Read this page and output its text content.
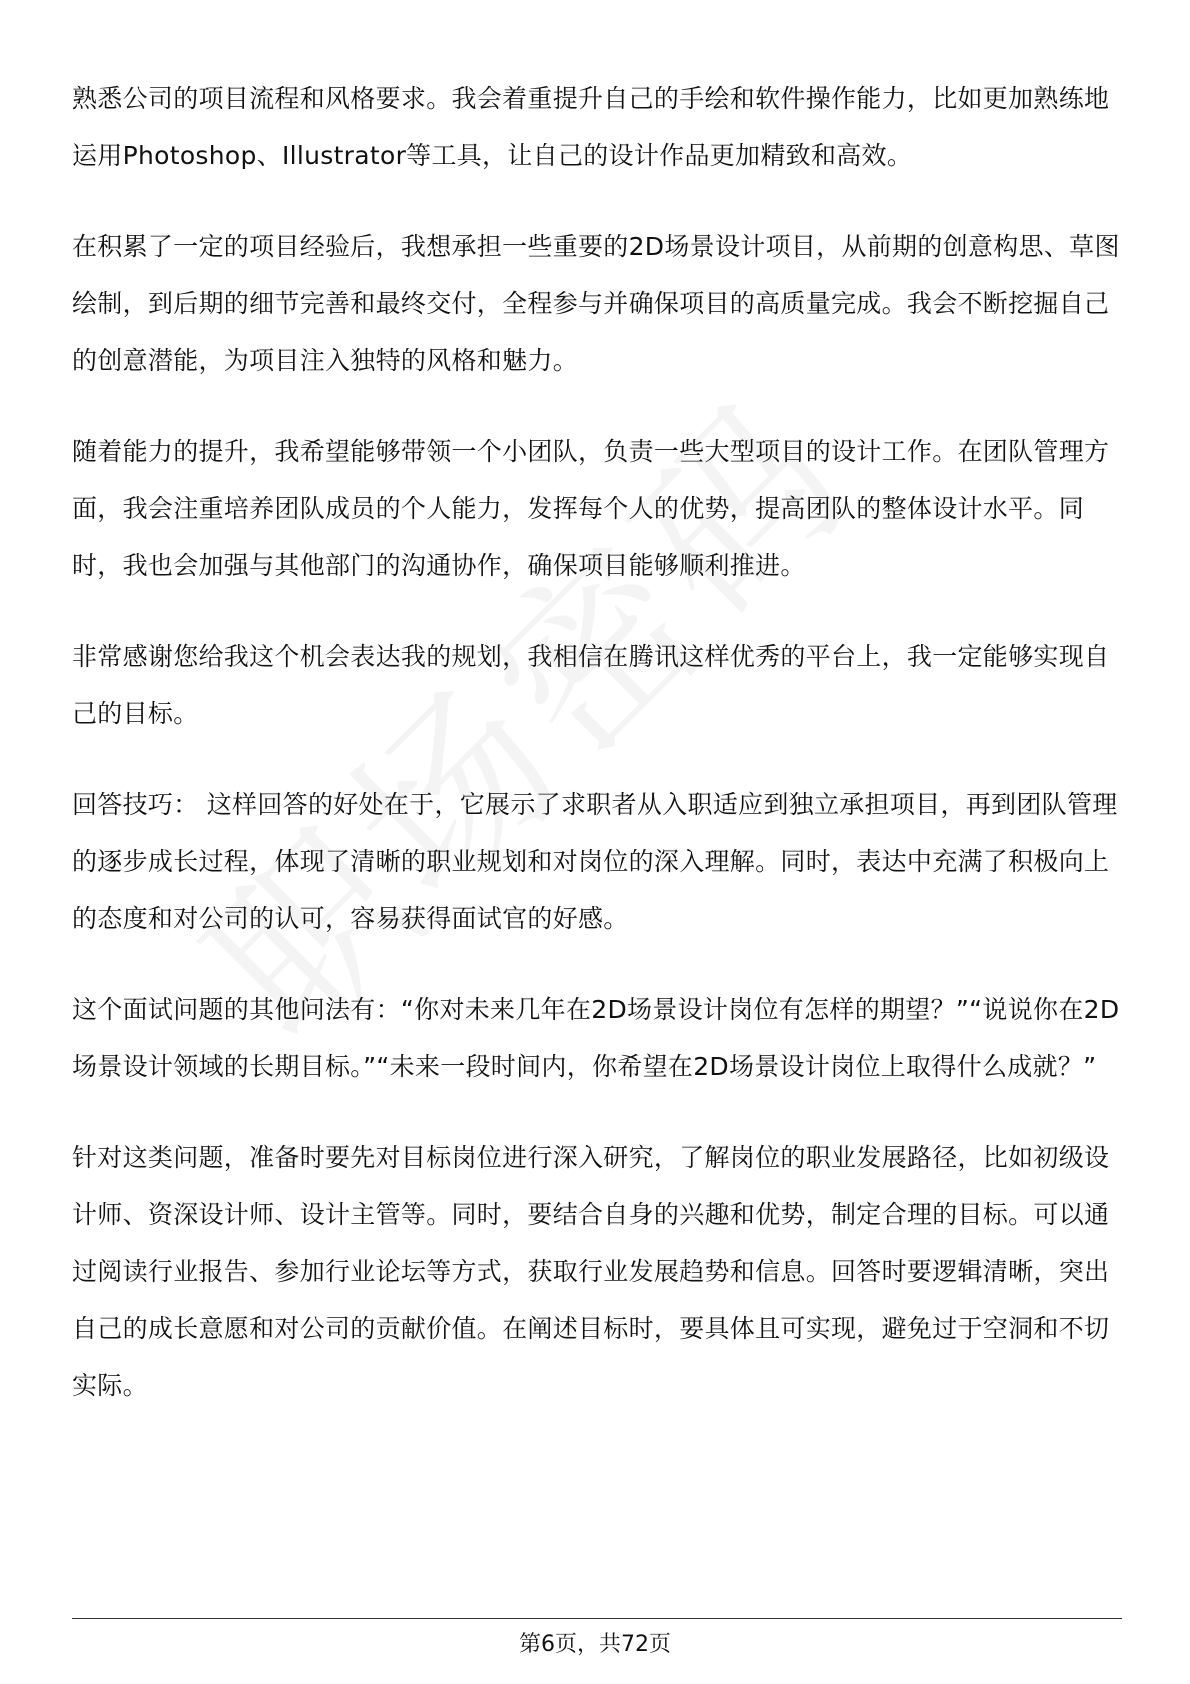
熟悉公司的项目流程和风格要求。我会着重提升自己的手绘和软件操作能力，比如更加熟练地运用Photoshop、Illustrator等工具，让自己的设计作品更加精致和高效。

在积累了一定的项目经验后，我想承担一些重要的2D场景设计项目，从前期的创意构思、草图绘制，到后期的细节完善和最终交付，全程参与并确保项目的高质量完成。我会不断挖掘自己的创意潜能，为项目注入独特的风格和魅力。

随着能力的提升，我希望能够带领一个小团队，负责一些大型项目的设计工作。在团队管理方面，我会注重培养团队成员的个人能力，发挥每个人的优势，提高团队的整体设计水平。同时，我也会加强与其他部门的沟通协作，确保项目能够顺利推进。

非常感谢您给我这个机会表达我的规划，我相信在腾讯这样优秀的平台上，我一定能够实现自己的目标。

回答技巧： 这样回答的好处在于，它展示了求职者从入职适应到独立承担项目，再到团队管理的逐步成长过程，体现了清晰的职业规划和对岗位的深入理解。同时，表达中充满了积极向上的态度和对公司的认可，容易获得面试官的好感。

这个面试问题的其他问法有：“你对未来几年在2D场景设计岗位有怎样的期望？”“说说你在2D场景设计领域的长期目标。”“未来一段时间内，你希望在2D场景设计岗位上取得什么成就？”

针对这类问题，准备时要先对目标岗位进行深入研究，了解岗位的职业发展路径，比如初级设计师、资深设计师、设计主管等。同时，要结合自身的兴趣和优势，制定合理的目标。可以通过阅读行业报告、参加行业论坛等方式，获取行业发展趋势和信息。回答时要逻辑清晰，突出自己的成长意愿和对公司的贡献价值。在阐述目标时，要具体且可实现，避免过于空洞和不切实际。

第6页，共72页
